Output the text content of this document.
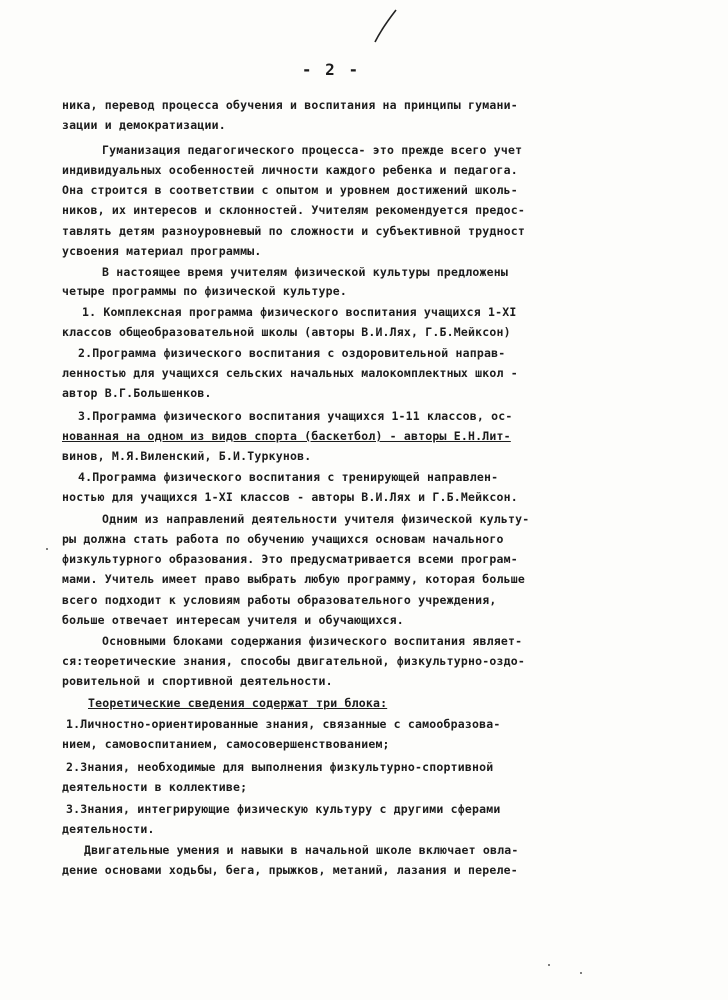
- 2 -
ника, перевод процесса обучения и воспитания на принципы гумани-
зации и демократизации.
Гуманизация педагогического процесса- это прежде всего учет
индивидуальных особенностей личности каждого ребенка и педагога.
Она строится в соответствии с опытом и уровнем достижений школь-
ников, их интересов и склонностей. Учителям рекомендуется предос-
тавлять детям разноуровневый по сложности и субъективной трудност
усвоения материал программы.
В настоящее время учителям физической культуры предложены
четыре программы по физической культуре.
1. Комплексная программа физического воспитания учащихся 1-XI
классов общеобразовательной школы (авторы В.И.Лях, Г.Б.Мейксон)
2.Программа физического воспитания с оздоровительной направ-
ленностью для учащихся сельских начальных малокомплектных школ -
автор В.Г.Большенков.
3.Программа физического воспитания учащихся 1-11 классов, ос-
нованная на одном из видов спорта (баскетбол) - авторы Е.Н.Лит-
винов, М.Я.Виленский, Б.И.Туркунов.
4.Программа физического воспитания с тренирующей направлен-
ностью для учащихся 1-XI классов - авторы В.И.Лях и Г.Б.Мейксон.
Одним из направлений деятельности учителя физической культу-
ры должна стать работа по обучению учащихся основам начального
физкультурного образования. Это предусматривается всеми програм-
мами. Учитель имеет право выбрать любую программу, которая больше
всего подходит к условиям работы образовательного учреждения,
больше отвечает интересам учителя и обучающихся.
Основными блоками содержания физического воспитания являет-
ся:теоретические знания, способы двигательной, физкультурно-оздо-
ровительной и спортивной деятельности.
Теоретические сведения содержат три блока:
1.Личностно-ориентированные знания, связанные с самообразова-
нием, самовоспитанием, самосовершенствованием;
2.Знания, необходимые для выполнения физкультурно-спортивной
деятельности в коллективе;
3.Знания, интегрирующие физическую культуру с другими сферами
деятельности.
Двигательные умения и навыки в начальной школе включает овла-
дение основами ходьбы, бега, прыжков, метаний, лазания и переле-
